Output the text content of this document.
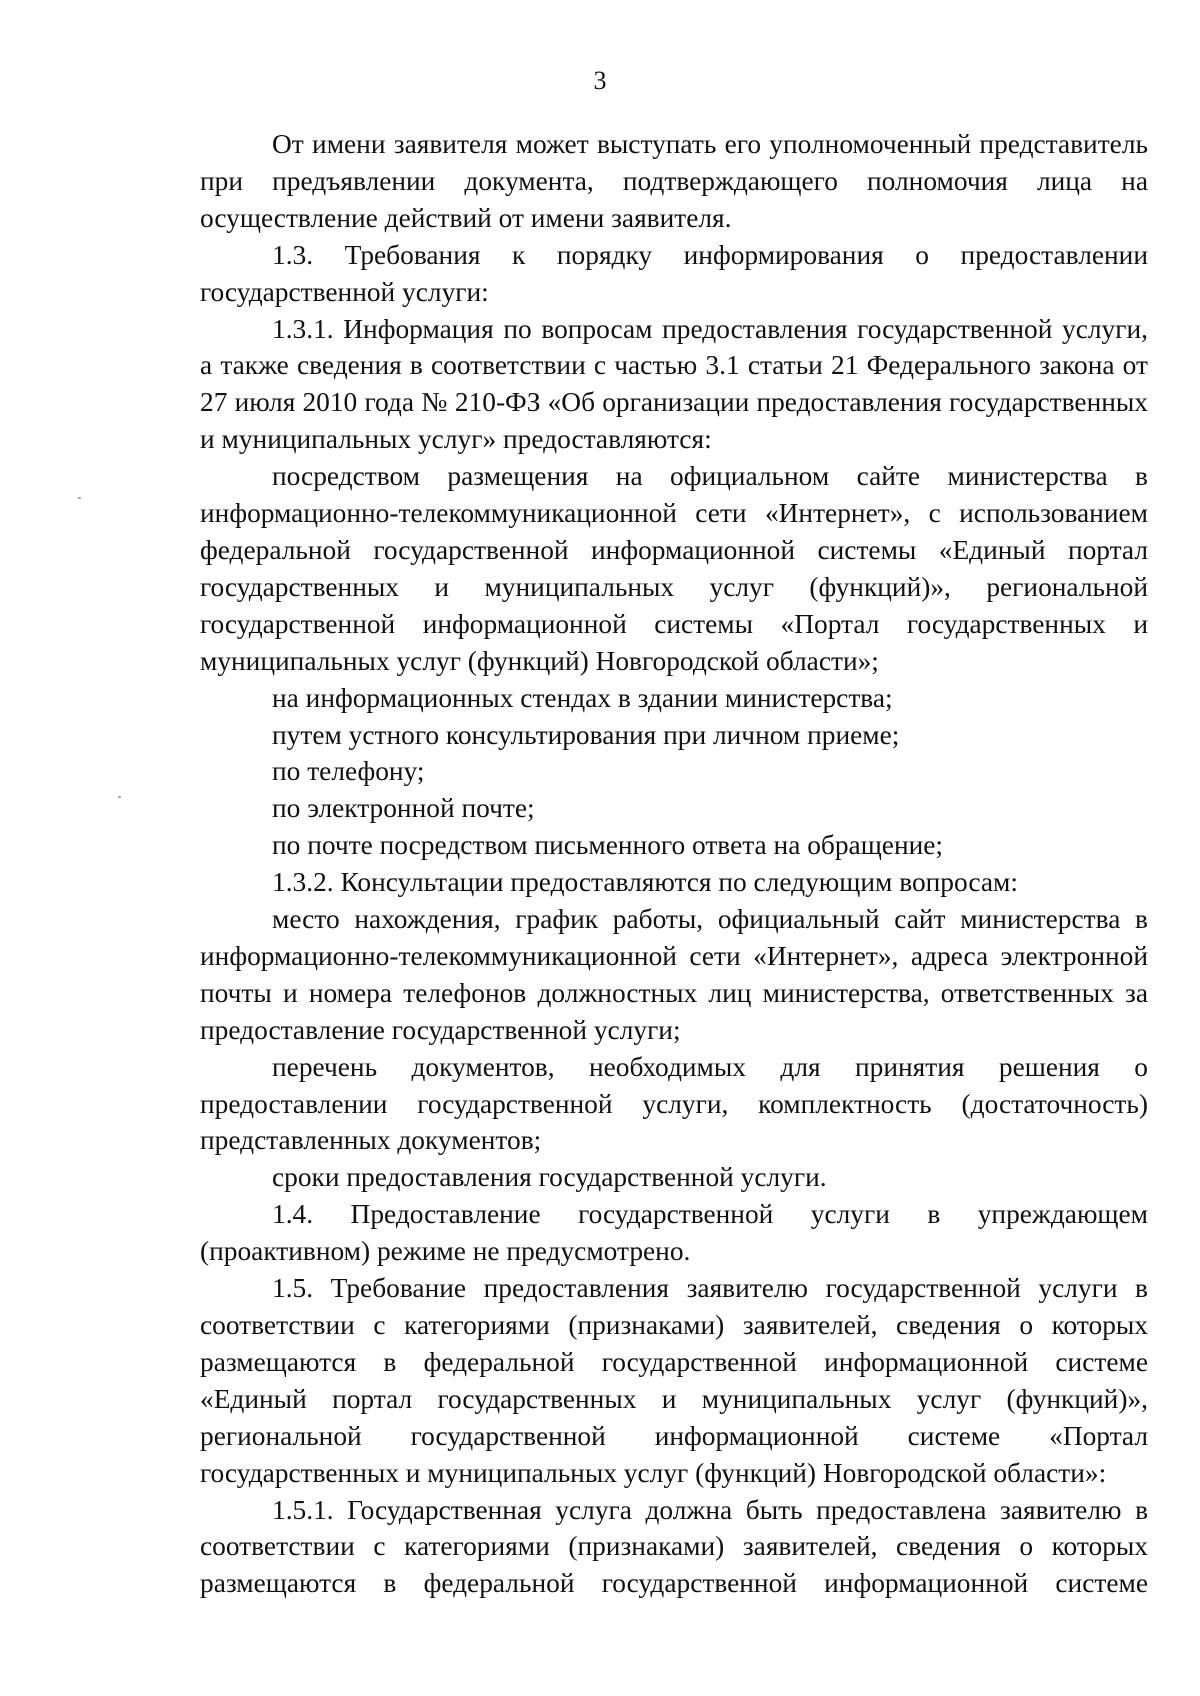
3

От имени заявителя может выступать его уполномоченный представитель при предъявлении документа, подтверждающего полномочия лица на осуществление действий от имени заявителя.

1.3. Требования к порядку информирования о предоставлении государственной услуги:

1.3.1. Информация по вопросам предоставления государственной услуги, а также сведения в соответствии с частью 3.1 статьи 21 Федерального закона от 27 июля 2010 года № 210-ФЗ «Об организации предоставления государственных и муниципальных услуг» предоставляются:

посредством размещения на официальном сайте министерства в информационно-телекоммуникационной сети «Интернет», с использованием федеральной государственной информационной системы «Единый портал государственных и муниципальных услуг (функций)», региональной государственной информационной системы «Портал государственных и муниципальных услуг (функций) Новгородской области»;

на информационных стендах в здании министерства;

путем устного консультирования при личном приеме;

по телефону;

по электронной почте;

по почте посредством письменного ответа на обращение;

1.3.2. Консультации предоставляются по следующим вопросам:

место нахождения, график работы, официальный сайт министерства в информационно-телекоммуникационной сети «Интернет», адреса электронной почты и номера телефонов должностных лиц министерства, ответственных за предоставление государственной услуги;

перечень документов, необходимых для принятия решения о предоставлении государственной услуги, комплектность (достаточность) представленных документов;

сроки предоставления государственной услуги.

1.4. Предоставление государственной услуги в упреждающем (проактивном) режиме не предусмотрено.

1.5. Требование предоставления заявителю государственной услуги в соответствии с категориями (признаками) заявителей, сведения о которых размещаются в федеральной государственной информационной системе «Единый портал государственных и муниципальных услуг (функций)», региональной государственной информационной системе «Портал государственных и муниципальных услуг (функций) Новгородской области»:

1.5.1. Государственная услуга должна быть предоставлена заявителю в соответствии с категориями (признаками) заявителей, сведения о которых размещаются в федеральной государственной информационной системе
